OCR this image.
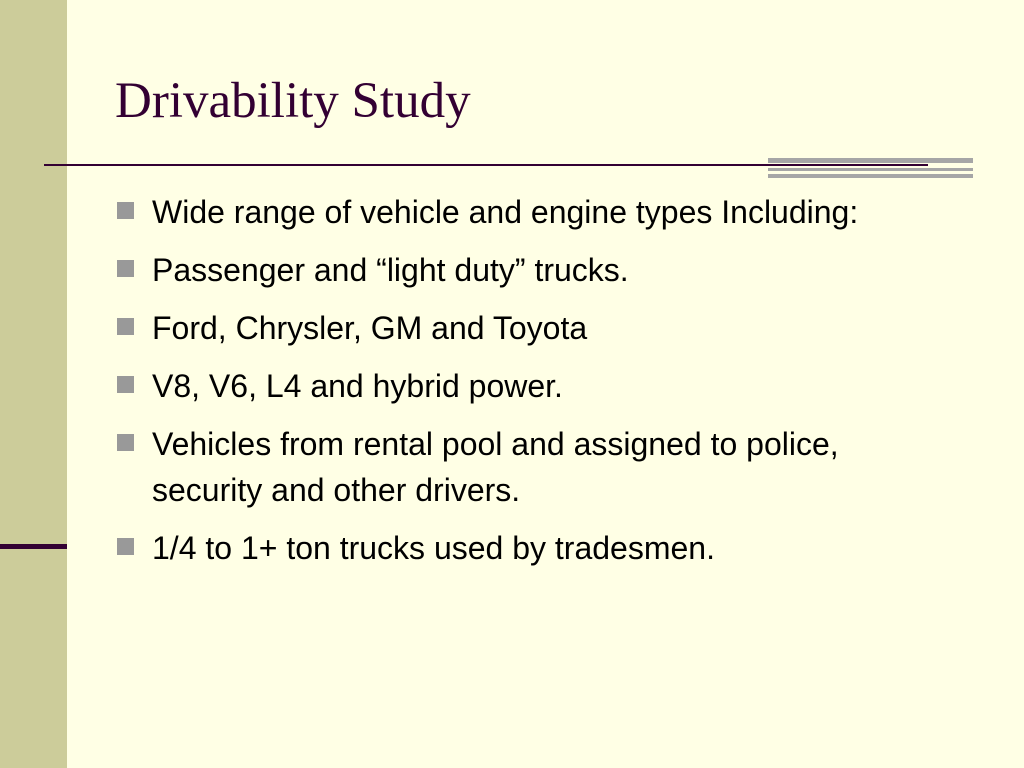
Drivability Study
Wide range of vehicle and engine types Including:
Passenger and “light duty” trucks.
Ford, Chrysler, GM and Toyota
V8, V6, L4 and hybrid power.
Vehicles from rental pool and assigned to police, security and other drivers.
1/4 to 1+ ton trucks used by tradesmen.
